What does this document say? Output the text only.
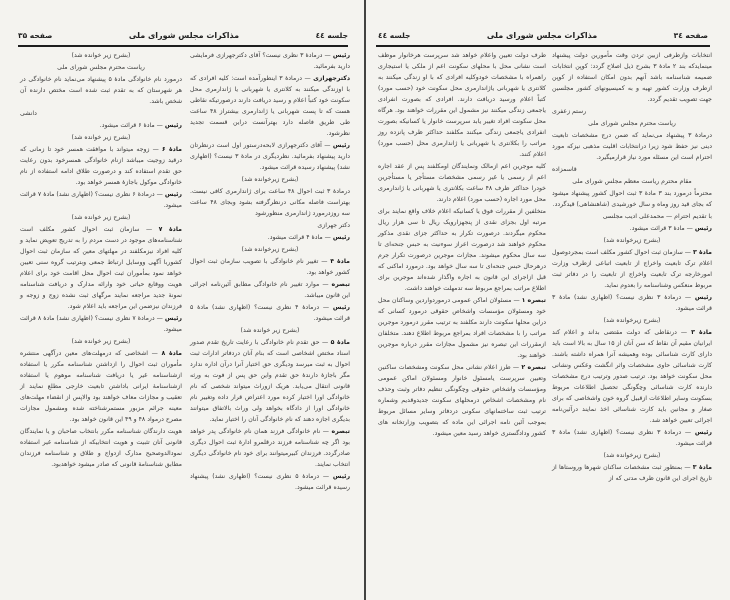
جلسه ٤٤
مذاکرات مجلس شورای ملی
صفحه ۳۵
رئیس — درمادهٔ ۳ نظری نیست؟ آقای دکترجهرازی فرمایشی دارید بفرمائید.
دکترجهرازی — درمادهٔ ۳ اینطورآمده است: کلیه افرادی که با اوزندگی میکنند به کلانتری یا شهربانی یا ژاندارمری محل سکونت خود کتباً اعلام و رسید دریافت دارند درصورتیکه نقاطی هست که تا پست شهربانی یا ژاندارمری بیشتراز ۴۸ ساعت طی طریق فاصله دارد بهترآنست دراین قسمت تجدید نظرشود.
رئیس — آقای دکترجهرازی لابحه‌درستور اول است درنظرتان دارید پیشنهاد بفرمائید. نظردیگری در مادهٔ ۳ نیست؟ (اظهاری نشد) پیشنهاد رسیده قرائت میشود.
(بشرح زیرخوانده شد)
درمادهٔ ۳ ثبت احوال ۴۸ ساعت برای ژاندارمری کافی نیست. بهتراست فاصله مکانی درنظرگرفته بشود وبجای ۴۸ ساعت سه روزدرمورد ژاندارمری منظورشود
دکتر جهرازی
رئیس — مادهٔ ۴ قرائت میشود.
(بشرح زیرخوانده شد)
مادهٔ ۴ — تغییر نام خانوادگی با تصویب سازمان ثبت احوال کشور خواهد بود.
تبصره — موارد تغییر نام خانوادگی مطابق آئین‌نامه اجرائی این قانون میباشد.
رئیس — درمادهٔ ۴ نظری نیست؟ (اظهاری نشد) مادهٔ ۵ قرائت میشود.
(بشرح زیر خوانده شد)
مادهٔ ۵ — حق تقدم نام خانوادگی با رعایت تاریخ تقدم صدور اسناد مختص اشخاصی است که بنام آنان دردفاتر ادارات ثبت احوال به ثبت میرسد ودیگری حق اختیار آنرا درآن اداره ندارد مگر باجازهٔ دارندهٔ حق تقدم واین حق پس از فوت به ورثه قانونی انتقال می‌یابد. هریک ازوراث میتواند شخصی که نام خانوادگی اورا اختیار کرده مورد اعتراض قرار داده وتغییر نام خانوادگی اورا از دادگاه بخواهد ولی وراث بالاتفاق میتوانند بدیگری اجازه دهند که نام خانوادگی آنان را اختیار نماید.
تبصره — نام خانوادگی فرزند همان نام خانوادگی پدر خواهد بود اگر چه شناسنامه فرزند درقلمرو ادارهٔ ثبت احوال دیگری صادرگردد. فرزندان کبیرمیتوانند برای خود نام خانوادگی دیگری انتخاب نمایند.
رئیس — درمادهٔ ۵ نظری نیست؟ (اظهاری نشد) پیشنهاد رسیده قرائت میشود.
(بشرح زیر خوانده شد)
ریاست محترم مجلس شورای ملی
درمورد نام خانوادگی مادهٔ ۵ پیشنهاد می‌نماید نام خانوادگی در هر شهرستان که به تقدم ثبت شده است مختص دارنده آن شخص باشد.
دانشی
رئیس — مادهٔ ۶ قرائت میشود.
(بشرح زیر خوانده شد)
مادهٔ ۶ — زوجه میتواند با موافقت همسر خود تا زمانی که درقید زوجیت میباشد ازنام خانوادگی همسرخود بدون رعایت حق تقدم استفاده کند و درصورت طلاق ادامه استفاده از نام خانوادگی موکول باجازهٔ همسر خواهد بود.
رئیس — درمادهٔ ۶ نظری نیست؟ (اظهاری نشد) مادهٔ ۷ قرائت میشود.
(بشرح زیر خوانده شد)
مادهٔ ۷ — سازمان ثبت احوال کشور مکلف است شناسنامه‌های موجود در دست مردم را به تدریج تعویض نماید و کلیه افراد نیزمکلفند در مهلتهای معین که سازمان ثبت احوال کشوربا آگهی ووسایل ارتباط جمعی وبترتیب گروه سنی تعیین خواهد نمود بمأموران ثبت احوال محل اقامت خود برای اعلام هویت ووقایع حیاتی خود وارائه مدارک و دریافت شناسنامه نمونهٔ جدید مراجعه نمایند مرگهای ثبت نشده زوج و زوجه و فرزندان نیزضمن این مراجعه باید اعلام شود.
رئیس — درمادهٔ ۷ نظری نیست؟ (اظهاری نشد) مادهٔ ۸ قرائت میشود.
(بشرح زیر خوانده شد)
مادهٔ ۸ — اشخاصی که درمهلت‌های معین درآگهی منتشره مأموران ثبت احوال را ازداشتن شناسنامه مکرر یا استفاده ازشناسنامه غیر یا دریافت شناسنامه موهوم یا استفاده ازشناسنامهٔ ایرانی باداشتن تابعیت خارجی مطلع نمایند از تعقیب و مجازات معاف خواهند بود والاپس از انقضاء مهلت‌های معینه جرائم مزبور مستمرشناخته شده ومشمول مجازات مصرح درمواد ۴۸ و ۴۹ این قانون خواهد بود.
هویت دارندگان شناسنامه مکرر بانتخاب صاحبان و یا نمایندگان قانونی آنان تثبیت و هویت انتخابیکه از شناسنامه غیر استفاده نمودالدوصحیح مدارک ازدواج و طلاق و شناسنامه فرزندان مطابق شناسنامهٔ قانونی که صادر میشود خواهدبود.
صفحه ۳٤
مذاکرات مجلس شورای ملی
جلسه ٤٤
انتخابات وازطرفی ازبین تردن وقت مأمورین دولت پیشنهاد مینمایدکه بند ۲ مادهٔ ۳ بشرح ذیل اصلاح گردد: کوپن انتخابات ضمیمه شناسنامه باشد آنهم بدون امکان استفاده از کوپن ازطرف وزارت کشور تهیه و به کمیسیونهای کشور مجلسین جهت تصویب تقدیم گردد.
رستم زعفری
ریاست محترم مجلس شورای ملی
درمادهٔ ۳ پیشنهاد می‌نماید که ضمن درج مشخصات تابعیت دینی نیز حفظ شود زیرا درانتخابات اقلیت مذهبی نیزکه مورد احترام است این مسئله مورد نیاز قرارمیگیرد.
قاسمزاده
مقام محترم ریاست معظم مجلس شورای ملی
محترماً درمورد بند ۳ مادهٔ ۳ ثبت احوال کشور پیشنهاد میشود که بجای قید روز وماه و سال خورشیدی (شاهنشاهی) قیدگردد.
با تقدیم احترام — محمدعلی ادیب مجلسی
رئیس — مادهٔ ۳ قرائت میشود.
(بشرح زیرخوانده شد)
مادهٔ ۳ — سازمان ثبت احوال کشور مکلف است بمجردوصول اعلام ترک تابعیت واخراج از تابعیت اتباعی ازطرف وزارت امورخارجه ترک تابعیت واخراج از تابعیت را در دفاتر ثبت مربوط منعکس وشناسنامه را بعدوم نماید.
رئیس — درمادهٔ ۳ نظری نیست؟ (اظهاری نشد) مادهٔ ۳ قرائت میشود.
(بشرح زیرخوانده شد)
مادهٔ ۳ — درنقاطی که دولت مقتضی بداند و اعلام کند ایرانیان مقیم آن نقاط که سن آنان از ۱۵ سال به بالا است باید دارای کارت شناسائی بوده وهمیشه آنرا همراه داشته باشند. کارت شناسائی حاوی مشخصات واثر انگشت وعکس ونشانی محل سکونت خواهد بود. ترتیب صدور وترتیب درج مشخصات دارنده کارت شناسائی وچگونگی تحصیل اطلاعات مربوط بسکونت وسایر اطلاعات ازقبیل گروه خون واشخاصی که برای صغار و مجانین باید کارت شناسائی اخذ نمایند درآئین‌نامه اجرائی تعیین خواهد شد.
رئیس — درمادهٔ ۳ نظری نیست؟ (اظهاری نشد) مادهٔ ۳ قرائت میشود.
(بشرح زیرخوانده شد)
مادهٔ ۳ — بمنظور ثبت مشخصات ساکنان شهرها وروستاها از تاریخ اجرای این قانون ظرف مدتی که از
طرف دولت تعیین واعلام خواهد شد سرپرست هرخانوار موظف است نشانی محل با محلهای سکونت اعم از ملکی یا استیجاری راهمراه با مشخصات خودوکلیه افرادی که با او زندگی میکنند به کلانتری یا شهربانی یاژاندارمری محل سکونت خود (حسب مورد) کتباً اعلام ورسید دریافت دارند. افرادی که بصورت انفرادی یاجمعی زندگی میکنند نیز مشمول این مقررات خواهند بود. هرگاه محل سکونت افراد تغییر یابد سرپرست خانوار یا کسانیکه بصورت انفرادی یاجمعی زندگی میکنند مکلفند حداکثر ظرف پانزده روز مراتب را بکلانتری یا شهربانی یا ژاندارمری محل (حسب مورد) اعلام کنند.
کلیه موجرین اعم ازمالک ونمایندگان اومکلفند پس از عقد اجاره اعم از رسمی یا غیر رسمی مشخصات مستأجر یا مستأجرین خودرا حداکثر ظرف ۴۸ ساعت بکلانتری یا شهربانی یا ژاندارمری محل مورد اجاره (حسب مورد) اعلام دارند.
متخلفین از مقررات فوق یا کسانیکه اعلام خلاف واقع نمایند برای مرتبه اول بجزای نقدی از پنجهزارویک ریال تا سی هزار ریال محکوم میگردند. درصورت تکرار به حداکثر جزای نقدی مذکور محکوم خواهند شد درصورت اعراز سوءنیت به حبس جنحه‌ای تا سه سال محکوم میشوند. مجازات موجرین درصورت تکرار جرم درهرحال حبس جنحه‌ای تا سه سال خواهد بود. درمورد اماکنی که قبل ازاجرای این قانون به اجاره واگذار شده‌اند موجرین برای اطلاع مراتب بمراجع مربوط سه تدمهلت خواهند داشت.
تبصره ۱ — مسئولان اماکن عمومی درموردواردین وساکنان محل خود ومسئولان مؤسسات واشخاص حقوقی درمورد کسانی که دراین محلها سکونت دارند مکلفند به ترتیب مقرر درمورد موجرین مراتب را با مشخصات افراد بمراجع مربوط اطلاع دهند. متخلفان ازمقررات این تبصره نیز مشمول مجازات مقرر درباره موجرین خواهند بود.
تبصره ۲ — طرز اعلام نشانی محل سکونت ومشخصات ساکنین وتعیین سرپرست یامسئول خانوار ومسئولان اماکن عمومی ومؤسسات واشخاص حقوقی وچگونگی تنظیم دفاتر وثبت وحذف نام ومشخصات اشخاص درمحلهای سکونت جدیدوقدیم وشماره ترتیب ثبت ساختمانهای سکونی دردفاتر وسایر مسائل مربوط بموجب آئین نامه اجرائی این ماده که بتصویب وزارتخانه های کشور ودادگستری خواهد رسید معین میشود.
